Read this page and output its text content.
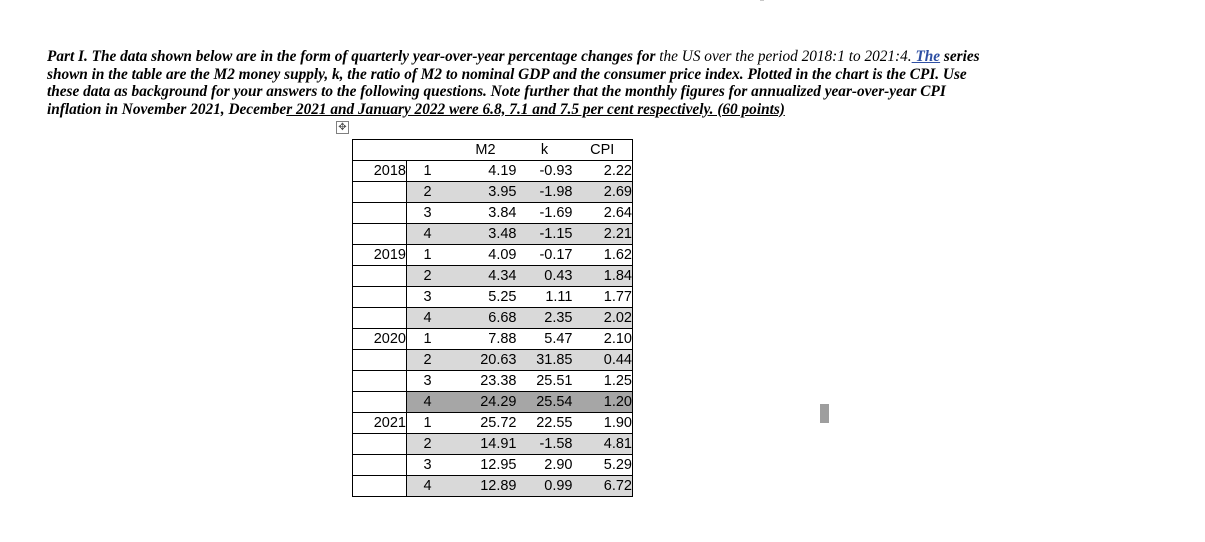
Part I. The data shown below are in the form of quarterly year-over-year percentage changes for the US over the period 2018:1 to 2021:4. The series
shown in the table are the M2 money supply, k, the ratio of M2 to nominal GDP and the consumer price index. Plotted in the chart is the CPI. Use
these data as background for your answers to the following questions. Note further that the monthly figures for annualized year-over-year CPI
inflation in November 2021, December 2021 and January 2022 were 6.8, 7.1 and 7.5 per cent respectively. (60 points)
✥
		M2	k	CPI
2018	1	4.19	-0.93	2.22
	2	3.95	-1.98	2.69
	3	3.84	-1.69	2.64
	4	3.48	-1.15	2.21
2019	1	4.09	-0.17	1.62
	2	4.34	0.43	1.84
	3	5.25	1.11	1.77
	4	6.68	2.35	2.02
2020	1	7.88	5.47	2.10
	2	20.63	31.85	0.44
	3	23.38	25.51	1.25
	4	24.29	25.54	1.20
2021	1	25.72	22.55	1.90
	2	14.91	-1.58	4.81
	3	12.95	2.90	5.29
	4	12.89	0.99	6.72
